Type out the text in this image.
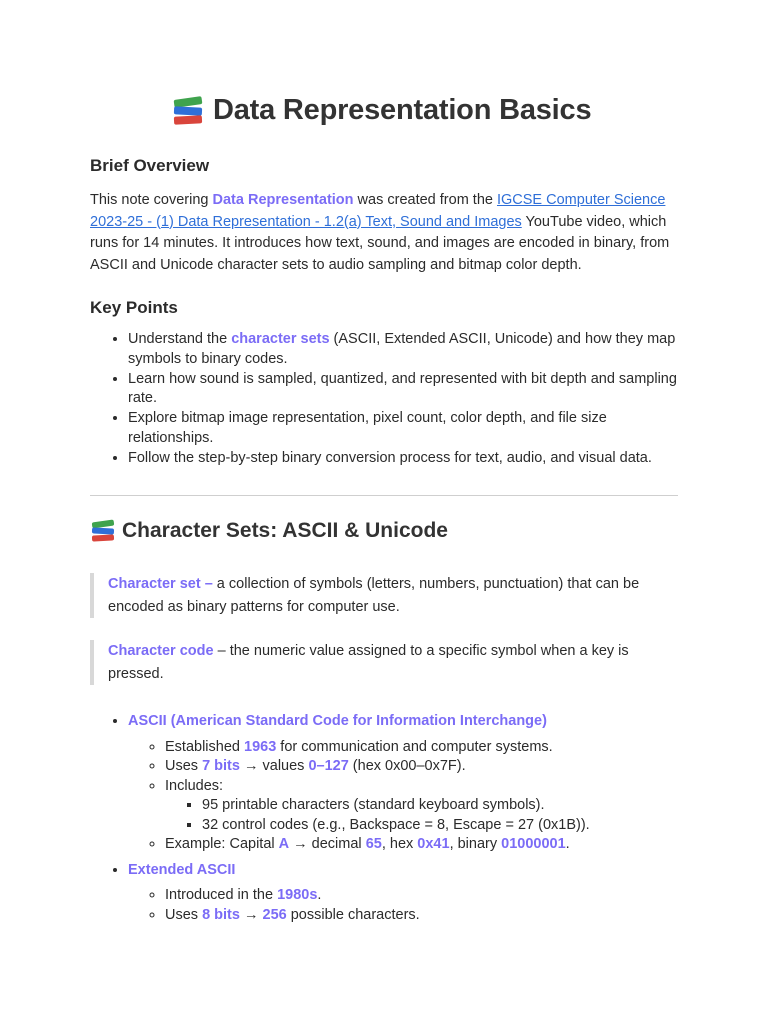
Data Representation Basics
Brief Overview

This note covering Data Representation was created from the IGCSE Computer Science 2023-25 - (1) Data Representation - 1.2(a) Text, Sound and Images YouTube video, which runs for 14 minutes. It introduces how text, sound, and images are encoded in binary, from ASCII and Unicode character sets to audio sampling and bitmap color depth.

Key Points
• Understand the character sets (ASCII, Extended ASCII, Unicode) and how they map symbols to binary codes.
• Learn how sound is sampled, quantized, and represented with bit depth and sampling rate.
• Explore bitmap image representation, pixel count, color depth, and file size relationships.
• Follow the step-by-step binary conversion process for text, audio, and visual data.
Character Sets: ASCII & Unicode
Character set – a collection of symbols (letters, numbers, punctuation) that can be encoded as binary patterns for computer use.
Character code – the numeric value assigned to a specific symbol when a key is pressed.
• ASCII (American Standard Code for Information Interchange)
◦ Established 1963 for communication and computer systems.
◦ Uses 7 bits → values 0–127 (hex 0x00–0x7F).
◦ Includes:
▪ 95 printable characters (standard keyboard symbols).
▪ 32 control codes (e.g., Backspace = 8, Escape = 27 (0x1B)).
◦ Example: Capital A → decimal 65, hex 0x41, binary 01000001.
• Extended ASCII
◦ Introduced in the 1980s.
◦ Uses 8 bits → 256 possible characters.
